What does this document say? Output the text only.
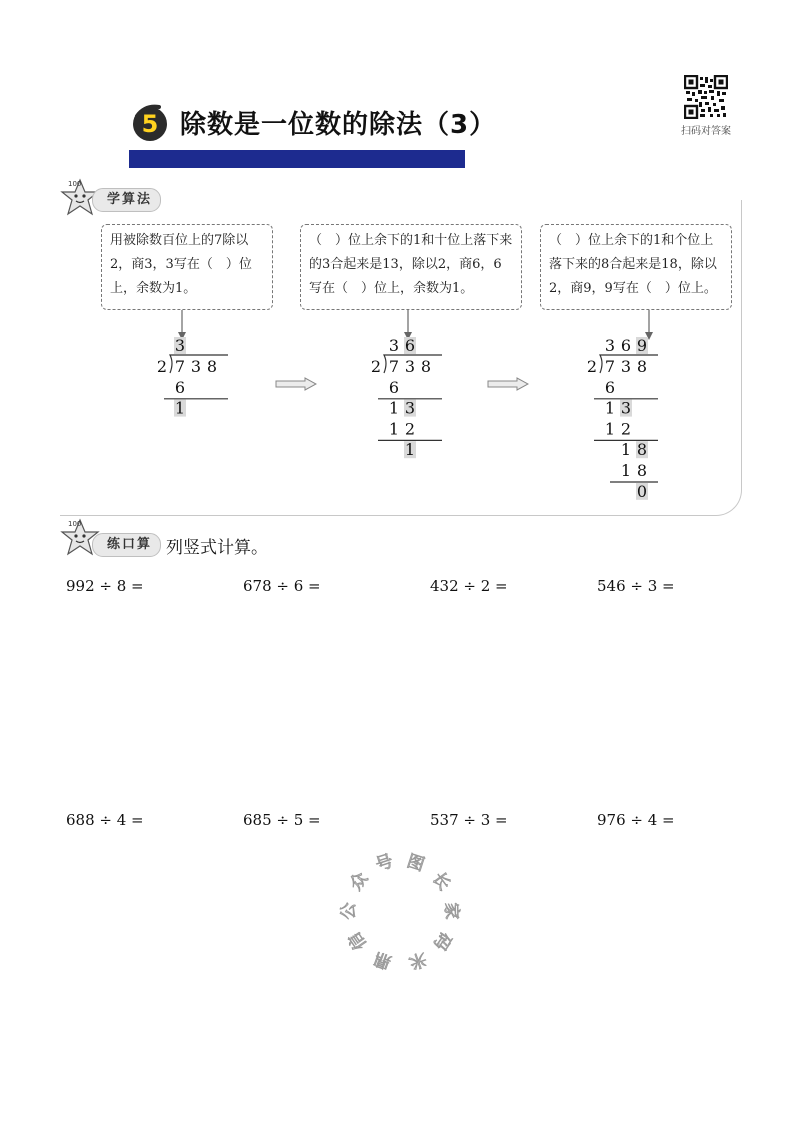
5 除数是一位数的除法（3）	扫码对答案
100
学算法
用被除数百位上的7除以2，商3，3写在（　）位上，余数为1。
（　）位上余下的1和十位上落下来的3合起来是13，除以2，商6，6写在（　）位上，余数为1。
（　）位上余下的1和个位上落下来的8合起来是18，除以2，商9，9写在（　）位上。
3
2 7 3 8
6
1
3 6
2 7 3 8
6
1 3
1 2
1
3 6 9
2 7 3 8
6
1 3
1 2
1 8
1 8
0
100
练口算 列竖式计算。
992 ÷ 8 =	678 ÷ 6 =	432 ÷ 2 =	546 ÷ 3 =
688 ÷ 4 =	685 ÷ 5 =	537 ÷ 3 =	976 ÷ 4 =
鼎
信
公
众
号 图
长
家
码
米
